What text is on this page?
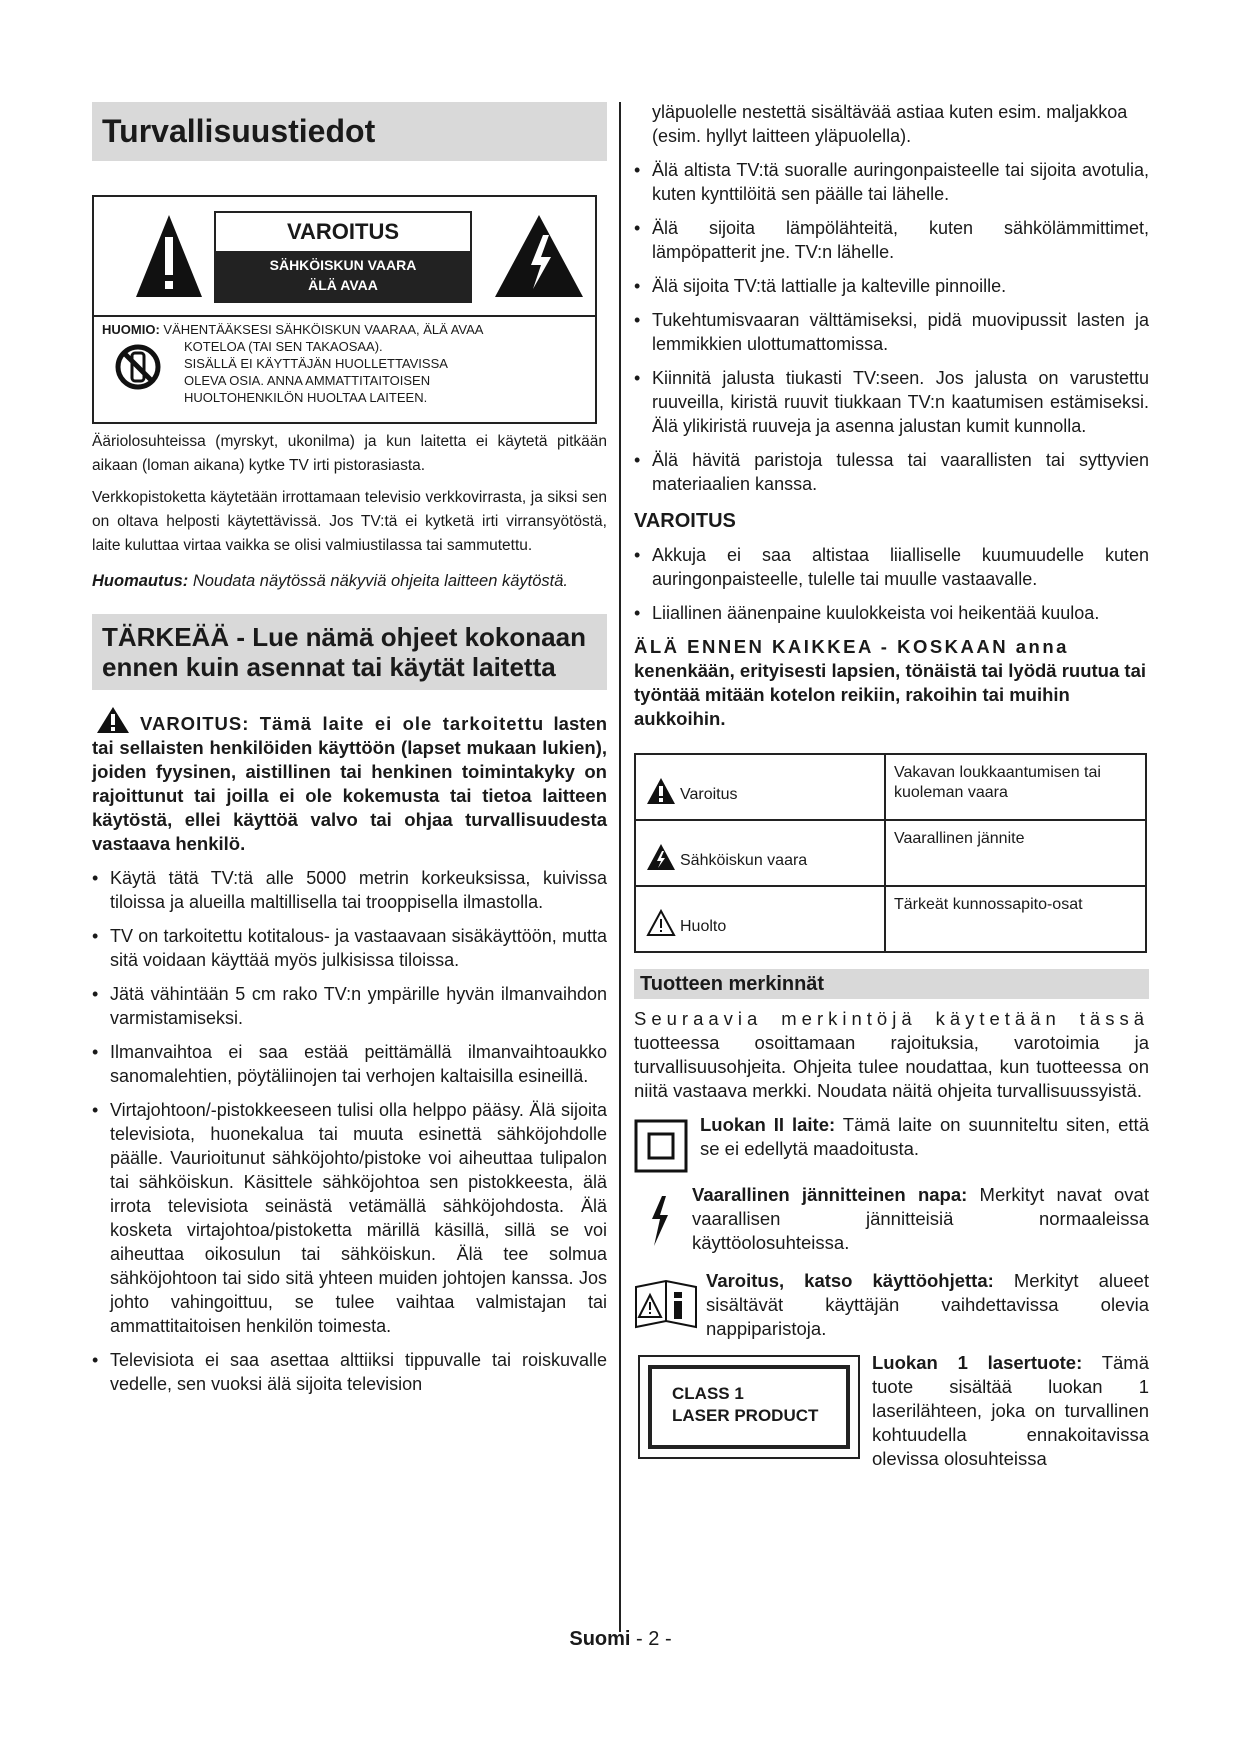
Turvallisuustiedot
VAROITUS
SÄHKÖISKUN VAARA
ÄLÄ AVAA
HUOMIO: VÄHENTÄÄKSESI SÄHKÖISKUN VAARAA, ÄLÄ AVAA
KOTELOA (TAI SEN TAKAOSAA).
SISÄLLÄ EI KÄYTTÄJÄN HUOLLETTAVISSA
OLEVA OSIA. ANNA AMMATTITAITOISEN
HUOLTOHENKILÖN HUOLTAA LAITEEN.

Ääriolosuhteissa (myrskyt, ukonilma) ja kun laitetta ei käytetä pitkään aikaan (loman aikana) kytke TV irti pistorasiasta.

Verkkopistoketta käytetään irrottamaan televisio verkkovirrasta, ja siksi sen on oltava helposti käytettävissä. Jos TV:tä ei kytketä irti virransyötöstä, laite kuluttaa virtaa vaikka se olisi valmiustilassa tai sammutettu.

Huomautus: Noudata näytössä näkyviä ohjeita laitteen käytöstä.

TÄRKEÄÄ - Lue nämä ohjeet kokonaan ennen kuin asennat tai käytät laitetta

VAROITUS: Tämä laite ei ole tarkoitettu lasten tai sellaisten henkilöiden käyttöön (lapset mukaan lukien), joiden fyysinen, aistillinen tai henkinen toimintakyky on rajoittunut tai joilla ei ole kokemusta tai tietoa laitteen käytöstä, ellei käyttöä valvo tai ohjaa turvallisuudesta vastaava henkilö.

• Käytä tätä TV:tä alle 5000 metrin korkeuksissa, kuivissa tiloissa ja alueilla maltillisella tai trooppisella ilmastolla.
• TV on tarkoitettu kotitalous- ja vastaavaan sisäkäyttöön, mutta sitä voidaan käyttää myös julkisissa tiloissa.
• Jätä vähintään 5 cm rako TV:n ympärille hyvän ilmanvaihdon varmistamiseksi.
• Ilmanvaihtoa ei saa estää peittämällä ilmanvaihtoaukko sanomalehtien, pöytäliinojen tai verhojen kaltaisilla esineillä.
• Virtajohtoon/-pistokkeeseen tulisi olla helppo pääsy. Älä sijoita televisiota, huonekalua tai muuta esinettä sähköjohdolle päälle. Vaurioitunut sähköjohto/pistoke voi aiheuttaa tulipalon tai sähköiskun. Käsittele sähköjohtoa sen pistokkeesta, älä irrota televisiota seinästä vetämällä sähköjohdosta. Älä kosketa virtajohtoa/pistoketta märillä käsillä, sillä se voi aiheuttaa oikosulun tai sähköiskun. Älä tee solmua sähköjohtoon tai sido sitä yhteen muiden johtojen kanssa. Jos johto vahingoittuu, se tulee vaihtaa valmistajan tai ammattitaitoisen henkilön toimesta.
• Televisiota ei saa asettaa alttiiksi tippuvalle tai roiskuvalle vedelle, sen vuoksi älä sijoita television

yläpuolelle nestettä sisältävää astiaa kuten esim. maljakkoa (esim. hyllyt laitteen yläpuolella).

• Älä altista TV:tä suoralle auringonpaisteelle tai sijoita avotulia, kuten kynttilöitä sen päälle tai lähelle.
• Älä sijoita lämpölähteitä, kuten sähkölämmittimet, lämpöpatterit jne. TV:n lähelle.
• Älä sijoita TV:tä lattialle ja kalteville pinnoille.
• Tukehtumisvaaran välttämiseksi, pidä muovipussit lasten ja lemmikkien ulottumattomissa.
• Kiinnitä jalusta tiukasti TV:seen. Jos jalusta on varustettu ruuveilla, kiristä ruuvit tiukkaan TV:n kaatumisen estämiseksi. Älä ylikiristä ruuveja ja asenna jalustan kumit kunnolla.
• Älä hävitä paristoja tulessa tai vaarallisten tai syttyvien materiaalien kanssa.
VAROITUS
• Akkuja ei saa altistaa liialliselle kuumuudelle kuten auringonpaisteelle, tulelle tai muulle vastaavalle.
• Liiallinen äänenpaine kuulokkeista voi heikentää kuuloa.

ÄLÄ ENNEN KAIKKEA - KOSKAAN anna kenenkään, erityisesti lapsien, tönäistä tai lyödä ruutua tai työntää mitään kotelon reikiin, rakoihin tai muihin aukkoihin.

Varoitus	Vakavan loukkaantumisen tai kuoleman vaara
Sähköiskun vaara	Vaarallinen jännite
Huolto	Tärkeät kunnossapito-osat
Tuotteen merkinnät

Seuraavia merkintöjä käytetään tässä tuotteessa osoittamaan rajoituksia, varotoimia ja turvallisuusohjeita. Ohjeita tulee noudattaa, kun tuotteessa on niitä vastaava merkki. Noudata näitä ohjeita turvallisuussyistä.

Luokan II laite: Tämä laite on suunniteltu siten, että se ei edellytä maadoitusta.

Vaarallinen jännitteinen napa: Merkityt navat ovat vaarallisen jännitteisiä normaaleissa käyttöolosuhteissa.

Varoitus, katso käyttöohjetta: Merkityt alueet sisältävät käyttäjän vaihdettavissa olevia nappiparistoja.

CLASS 1
LASER PRODUCT

Luokan 1 lasertuote: Tämä tuote sisältää luokan 1 laserilähteen, joka on turvallinen kohtuudella ennakoitavissa olevissa olosuhteissa

Suomi - 2 -
